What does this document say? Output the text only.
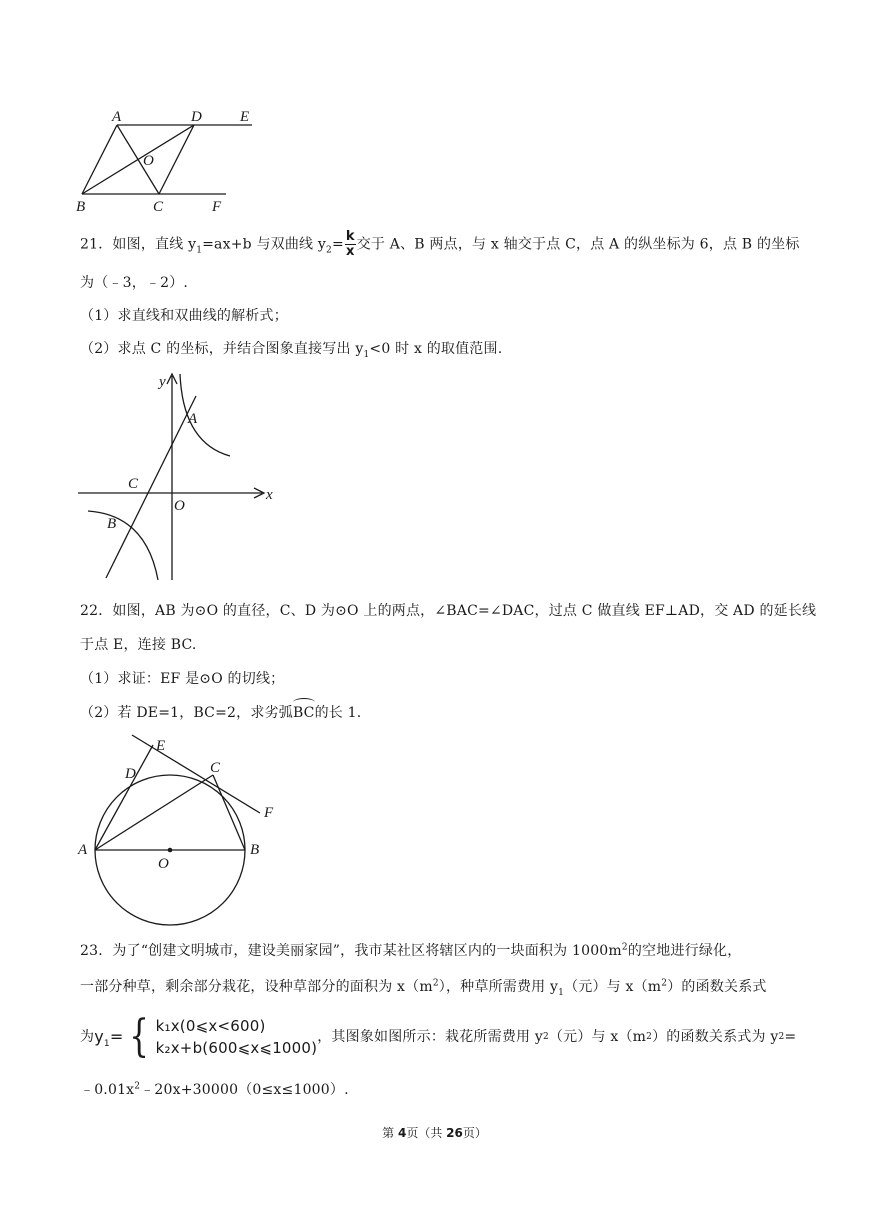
A	D	E
O
B	C	F
21．如图，直线 $y_1=ax+b$ 与双曲线 $y_2= \frac{k}{x}$ 交于 A、B 两点，与 x 轴交于点 C，点 A 的纵坐标为 6，点 B 的坐标
为（﹣3，﹣2）.
（1）求直线和双曲线的解析式；
（2）求点 C 的坐标，并结合图象直接写出 $y_1<0$ 时 x 的取值范围.
y
A
C
O
x
B
22．如图，AB 为⊙O 的直径，C、D 为⊙O 上的两点，∠BAC=∠DAC，过点 C 做直线 EF⊥AD，交 AD 的延长线
于点 E，连接 BC.
（1）求证：EF 是⊙O 的切线；
（2）若 DE=1，BC=2，求劣弧BC的长 1.
E
D	C
F
A
O
B
23．为了“创建文明城市，建设美丽家园”，我市某社区将辖区内的一块面积为 $1000m^2$的空地进行绿化，
一部分种草，剩余部分栽花，设种草部分的面积为 $x(m^2)$，种草所需费用 $y_1$（元）与 $x(m^2)$的函数关系式
为 $y_1=$ { k₁x(0⩽x<600)
k₂x+b(600⩽x⩽1000)
，其图象如图所示：栽花所需费用 y 2 （元）与 x（m 2 ）的函数关系式为 y 2 =
$﹣0.01x^2﹣20x+30000(0\le x\le 1000)$.
第 4页（共 26页）
